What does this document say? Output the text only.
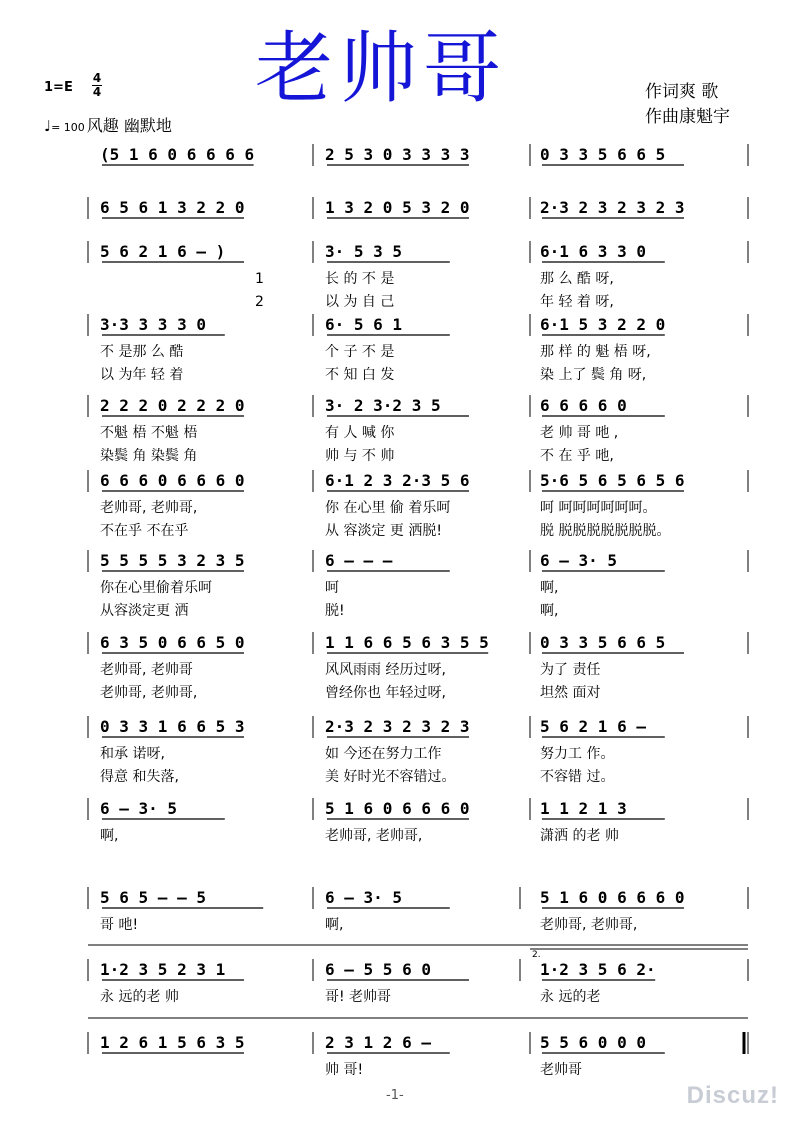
老帅哥
1=E
4
4
♩= 100 风趣 幽默地
作词爽 歌
作曲康魁宇
(5 1 6 0 6 6 6 6	2 5 3 0 3 3 3 3	0 3 3 5 6 6 5
6 5 6 1 3 2 2 0	1 3 2 0 5 3 2 0	2·3 2 3 2 3 2 3
5 6 2 1 6 – )	3· 5 3 5	6·1 6 3 3 0
1	长 的 不 是	那 么 酷 呀,
2	以 为 自 己	年 轻 着 呀,
3·3 3 3 3 0	6· 5 6 1	6·1 5 3 2 2 0
不 是那 么 酷	个 子 不 是	那 样 的 魁 梧 呀,
以 为年 轻 着	不 知 白 发	染 上了 鬓 角 呀,
2 2 2 0 2 2 2 0	3· 2 3·2 3 5	6 6 6 6 0
不魁 梧 不魁 梧	有 人 喊 你	老 帅 哥 吔 ,
染鬓 角 染鬓 角	帅 与 不 帅	不 在 乎 吔,
6 6 6 0 6 6 6 0	6·1 2 3 2·3 5 6	5·6 5 6 5 6 5 6
老帅哥, 老帅哥,	你 在心里 偷 着乐呵	呵 呵呵呵呵呵呵。
不在乎 不在乎	从 容淡定 更 洒脱!	脱 脱脱脱脱脱脱脱。
5 5 5 5 3 2 3 5	6 – – –	6 – 3· 5
你在心里偷着乐呵	呵	啊,
从容淡定更 洒	脱!	啊,
6 3 5 0 6 6 5 0	1 1 6 6 5 6 3 5 5	0 3 3 5 6 6 5
老帅哥, 老帅哥	风风雨雨 经历过呀,	为了 责任
老帅哥, 老帅哥,	曾经你也 年轻过呀,	坦然 面对
0 3 3 1 6 6 5 3	2·3 2 3 2 3 2 3	5 6 2 1 6 –
和承 诺呀,	如 今还在努力工作	努力工 作。
得意 和失落,	美 好时光不容错过。	不容错 过。
6 – 3· 5	5 1 6 0 6 6 6 0	1 1 2 1 3
啊,	老帅哥, 老帅哥,	潇洒 的老 帅
5 6 5 – – 5	6 – 3· 5	5 1 6 0 6 6 6 0
哥 吔!	啊,	老帅哥, 老帅哥,
1·2 3 5 2 3 1	6 – 5 5 6 0	1·2 3 5 6 2·
2.
永 远的老 帅	哥! 老帅哥	永 远的老
1 2 6 1 5 6 3 5	2 3 1 2 6 –	5 5 6 0 0 0
帅 哥!	老帅哥
-1-	Discuz!
